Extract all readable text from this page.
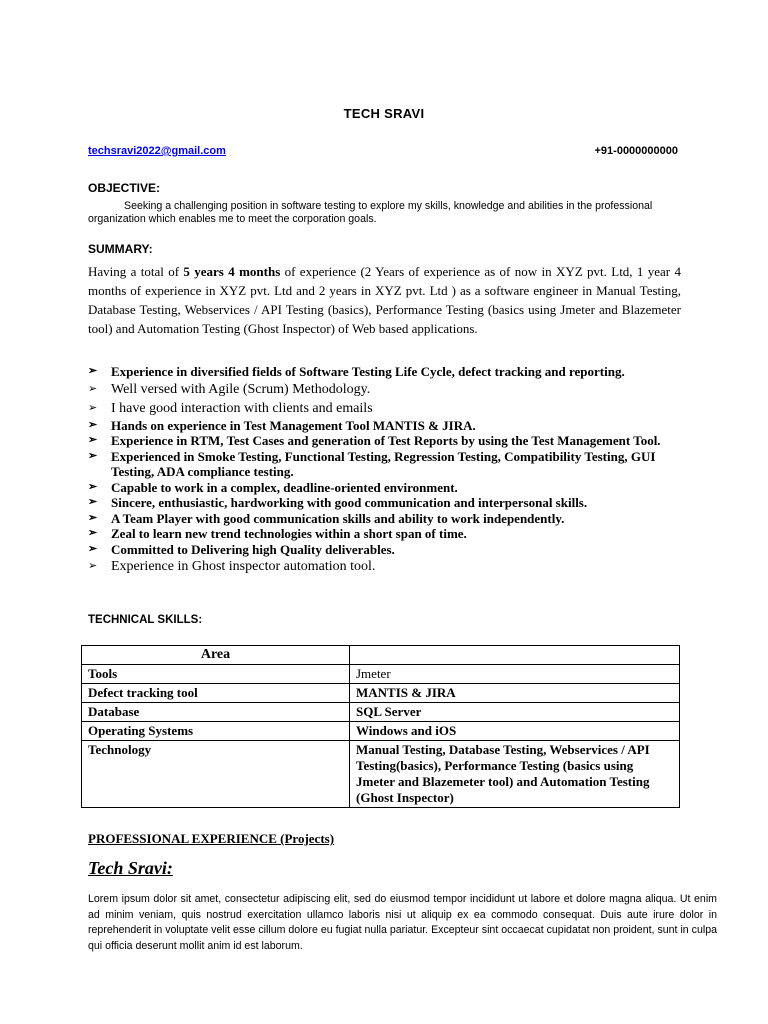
TECH SRAVI
techsravi2022@gmail.com	+91-0000000000
OBJECTIVE:
Seeking a challenging position in software testing to explore my skills, knowledge and abilities in the professional organization which enables me to meet the corporation goals.
SUMMARY:
Having a total of 5 years 4 months of experience (2 Years of experience as of now in XYZ pvt. Ltd, 1 year 4 months of experience in XYZ pvt. Ltd and 2 years in XYZ pvt. Ltd ) as a software engineer in Manual Testing, Database Testing, Webservices / API Testing (basics), Performance Testing (basics using Jmeter and Blazemeter tool) and Automation Testing (Ghost Inspector) of Web based applications.
➢ Experience in diversified fields of Software Testing Life Cycle, defect tracking and reporting.
➢ Well versed with Agile (Scrum) Methodology.
➢ I have good interaction with clients and emails
➢ Hands on experience in Test Management Tool MANTIS & JIRA.
➢ Experience in RTM, Test Cases and generation of Test Reports by using the Test Management Tool.
➢ Experienced in Smoke Testing, Functional Testing, Regression Testing, Compatibility Testing, GUI Testing, ADA compliance testing.
➢ Capable to work in a complex, deadline-oriented environment.
➢ Sincere, enthusiastic, hardworking with good communication and interpersonal skills.
➢ A Team Player with good communication skills and ability to work independently.
➢ Zeal to learn new trend technologies within a short span of time.
➢ Committed to Delivering high Quality deliverables.
➢ Experience in Ghost inspector automation tool.
TECHNICAL SKILLS:
Area	
Tools	Jmeter
Defect tracking tool	MANTIS & JIRA
Database	SQL Server
Operating Systems	Windows and iOS
Technology	Manual Testing, Database Testing, Webservices / API Testing(basics), Performance Testing (basics using Jmeter and Blazemeter tool) and Automation Testing (Ghost Inspector)
PROFESSIONAL EXPERIENCE (Projects)
Tech Sravi:
Lorem ipsum dolor sit amet, consectetur adipiscing elit, sed do eiusmod tempor incididunt ut labore et dolore magna aliqua. Ut enim ad minim veniam, quis nostrud exercitation ullamco laboris nisi ut aliquip ex ea commodo consequat. Duis aute irure dolor in reprehenderit in voluptate velit esse cillum dolore eu fugiat nulla pariatur. Excepteur sint occaecat cupidatat non proident, sunt in culpa qui officia deserunt mollit anim id est laborum.
